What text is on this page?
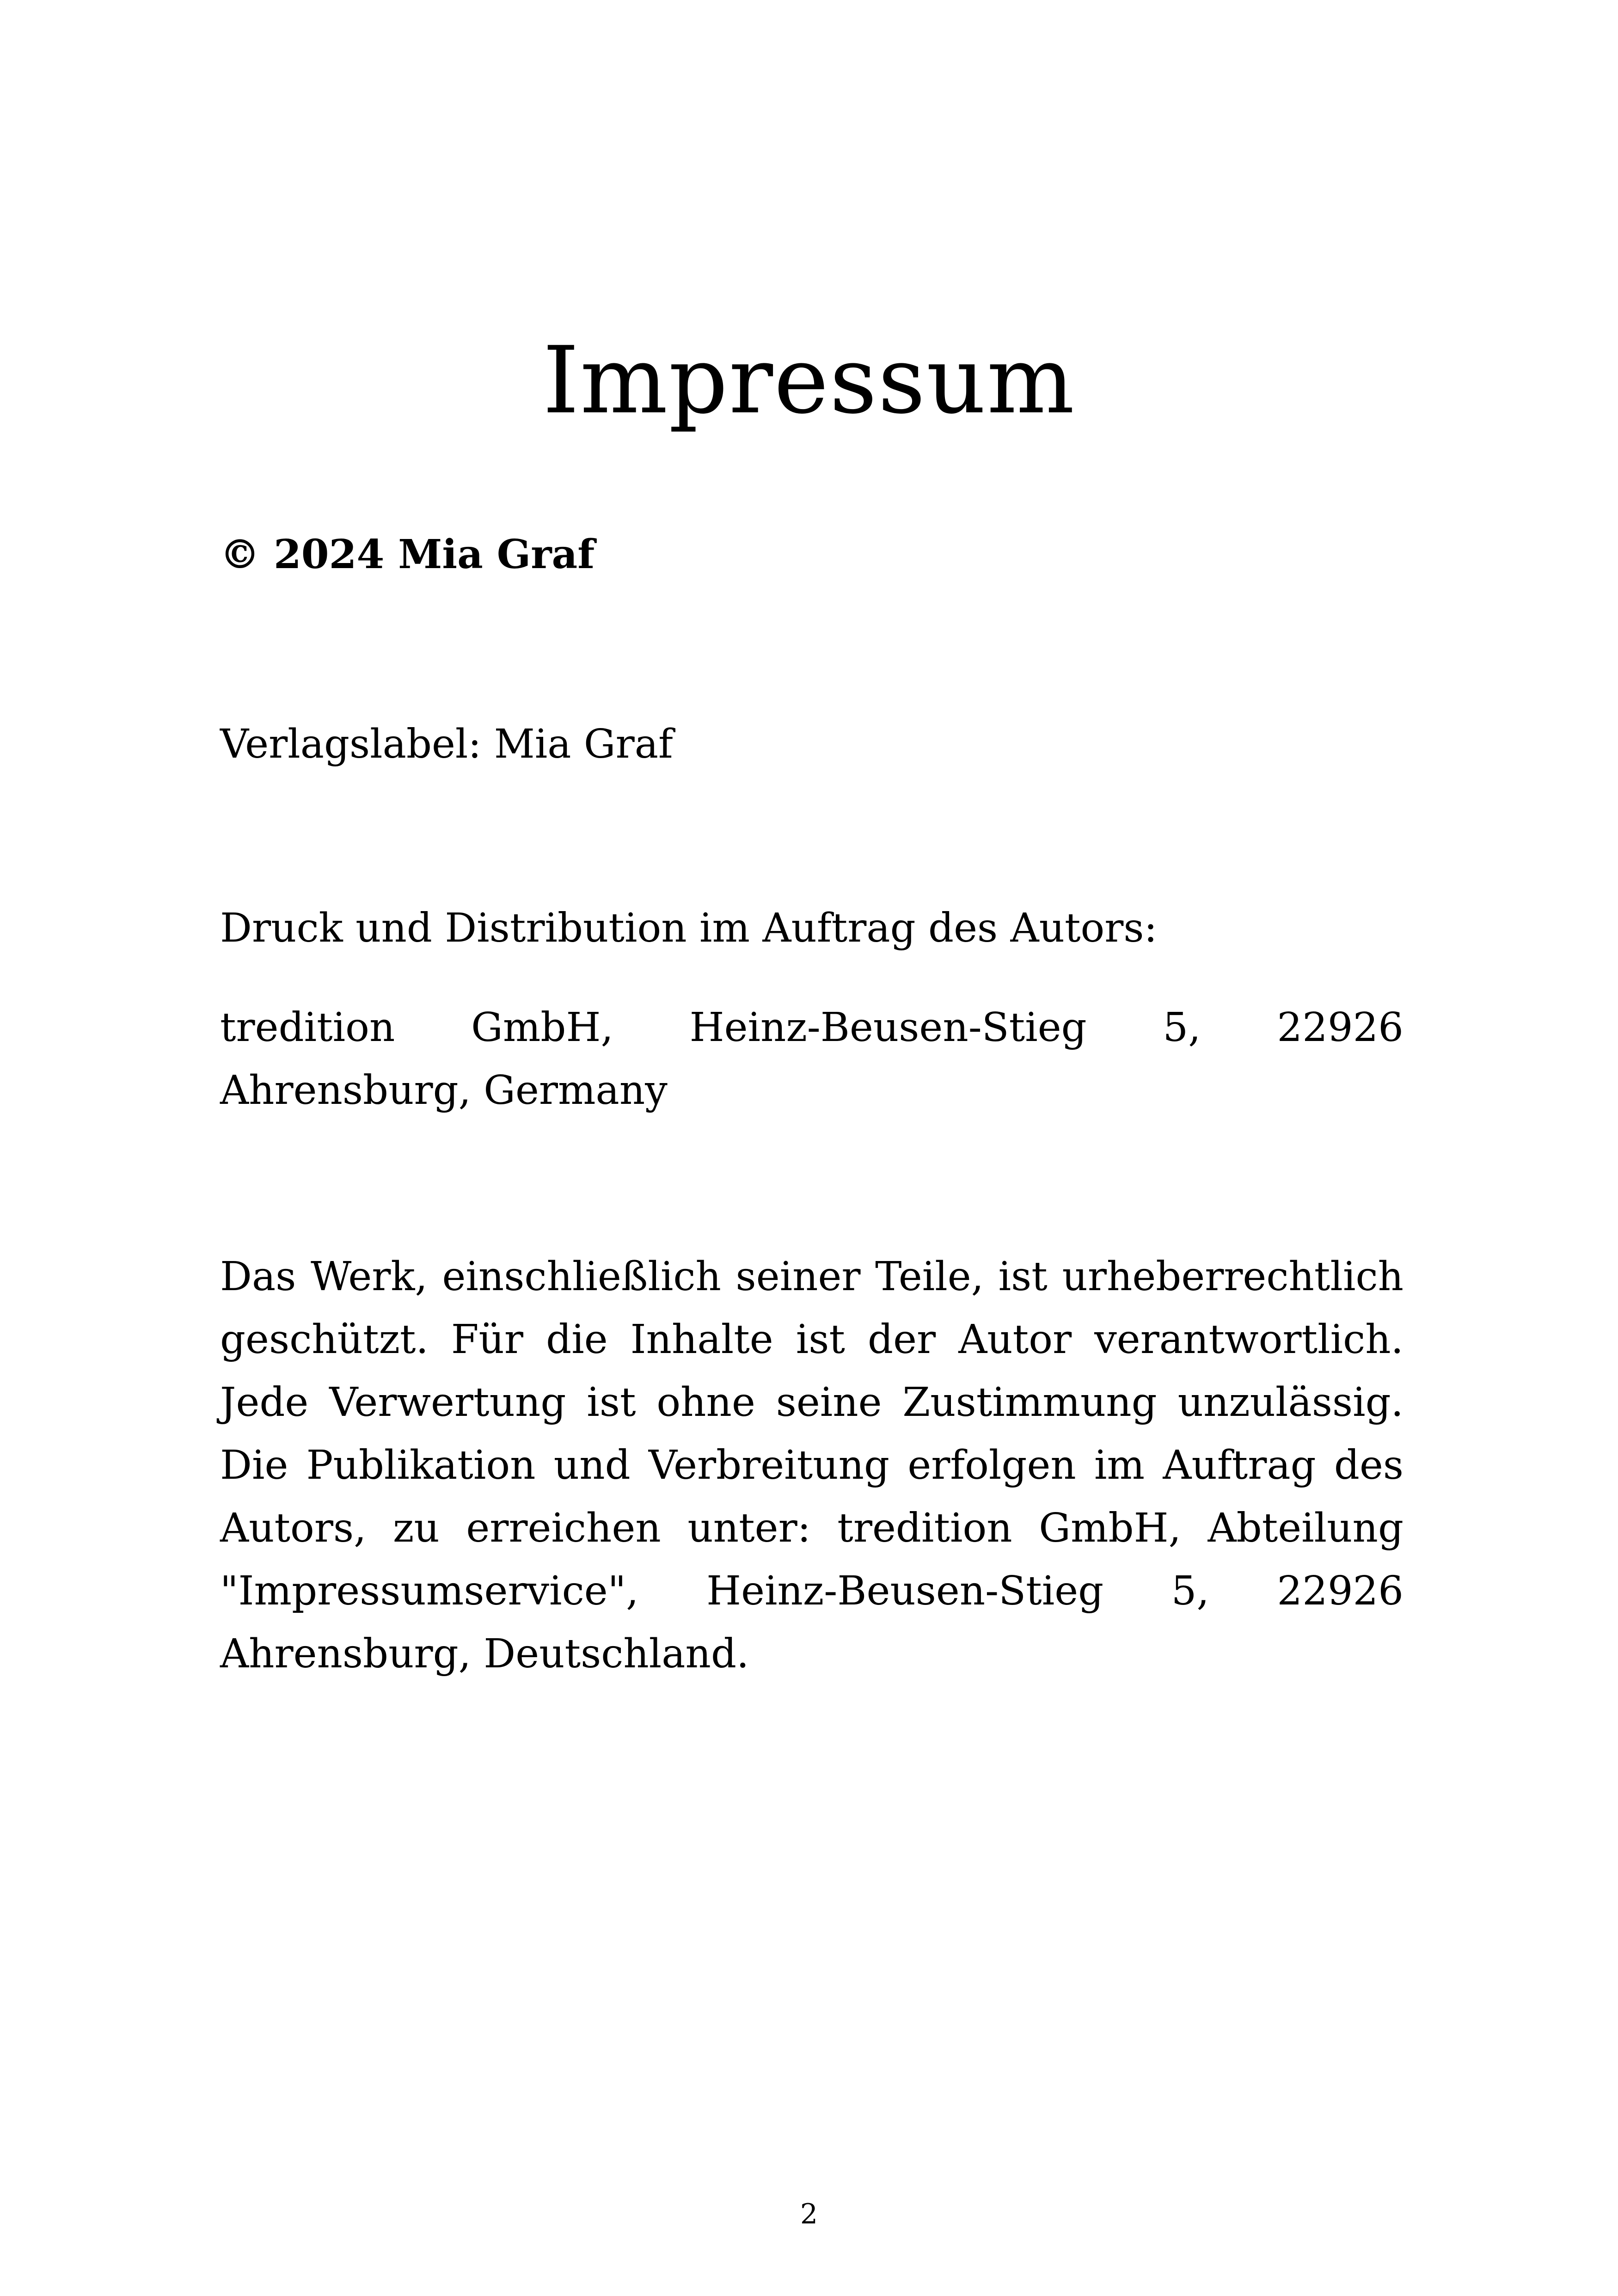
Impressum
© 2024 Mia Graf
Verlagslabel: Mia Graf
Druck und Distribution im Auftrag des Autors:
tredition GmbH, Heinz-Beusen-Stieg 5, 22926 Ahrensburg, Germany
Das Werk, einschließlich seiner Teile, ist urheberrechtlich geschützt. Für die Inhalte ist der Autor verantwortlich. Jede Verwertung ist ohne seine Zustimmung unzulässig. Die Publikation und Verbreitung erfolgen im Auftrag des Autors, zu erreichen unter: tredition GmbH, Abteilung "Impressumservice", Heinz-Beusen-Stieg 5, 22926 Ahrensburg, Deutschland.
2
